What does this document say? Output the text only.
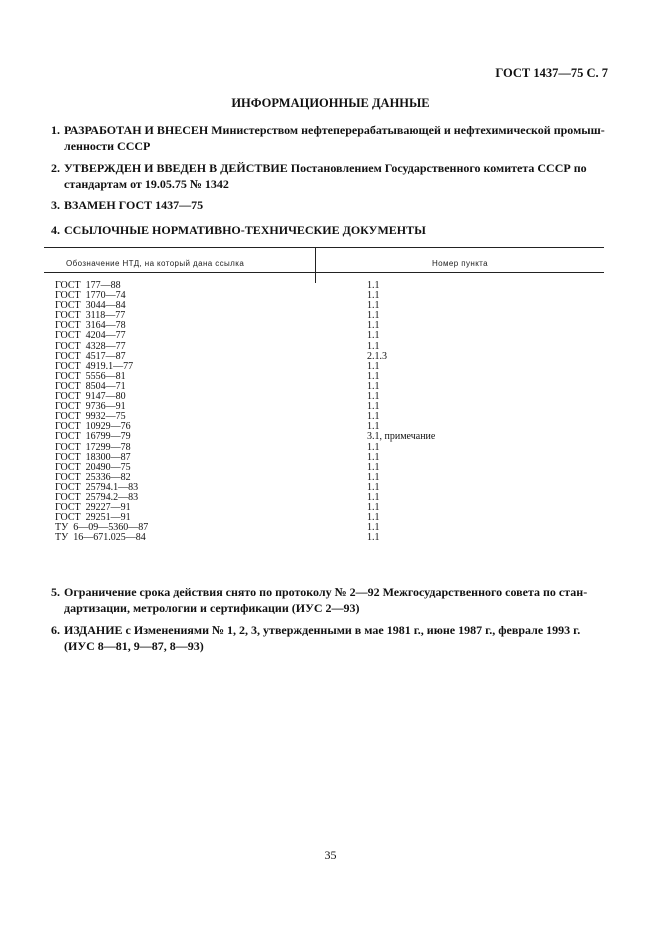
ГОСТ 1437—75 С. 7
ИНФОРМАЦИОННЫЕ ДАННЫЕ
1. РАЗРАБОТАН И ВНЕСЕН Министерством нефтеперерабатывающей и нефтехимической промыш-
ленности СССР
2. УТВЕРЖДЕН И ВВЕДЕН В ДЕЙСТВИЕ Постановлением Государственного комитета СССР по
стандартам от 19.05.75 № 1342
3. ВЗАМЕН ГОСТ 1437—75
4. ССЫЛОЧНЫЕ НОРМАТИВНО-ТЕХНИЧЕСКИЕ ДОКУМЕНТЫ
Обозначение НТД, на который дана ссылка	Номер пункта
ГОСТ  177—88	1.1
ГОСТ  1770—74	1.1
ГОСТ  3044—84	1.1
ГОСТ  3118—77	1.1
ГОСТ  3164—78	1.1
ГОСТ  4204—77	1.1
ГОСТ  4328—77	1.1
ГОСТ  4517—87	2.1.3
ГОСТ  4919.1—77	1.1
ГОСТ  5556—81	1.1
ГОСТ  8504—71	1.1
ГОСТ  9147—80	1.1
ГОСТ  9736—91	1.1
ГОСТ  9932—75	1.1
ГОСТ  10929—76	1.1
ГОСТ  16799—79	3.1, примечание
ГОСТ  17299—78	1.1
ГОСТ  18300—87	1.1
ГОСТ  20490—75	1.1
ГОСТ  25336—82	1.1
ГОСТ  25794.1—83	1.1
ГОСТ  25794.2—83	1.1
ГОСТ  29227—91	1.1
ГОСТ  29251—91	1.1
ТУ  6—09—5360—87	1.1
ТУ  16—671.025—84	1.1
5. Ограничение срока действия снято по протоколу № 2—92 Межгосударственного совета по стан-
дартизации, метрологии и сертификации (ИУС 2—93)
6. ИЗДАНИЕ с Изменениями № 1, 2, 3, утвержденными в мае 1981 г., июне 1987 г., феврале 1993 г.
(ИУС 8—81, 9—87, 8—93)
35
